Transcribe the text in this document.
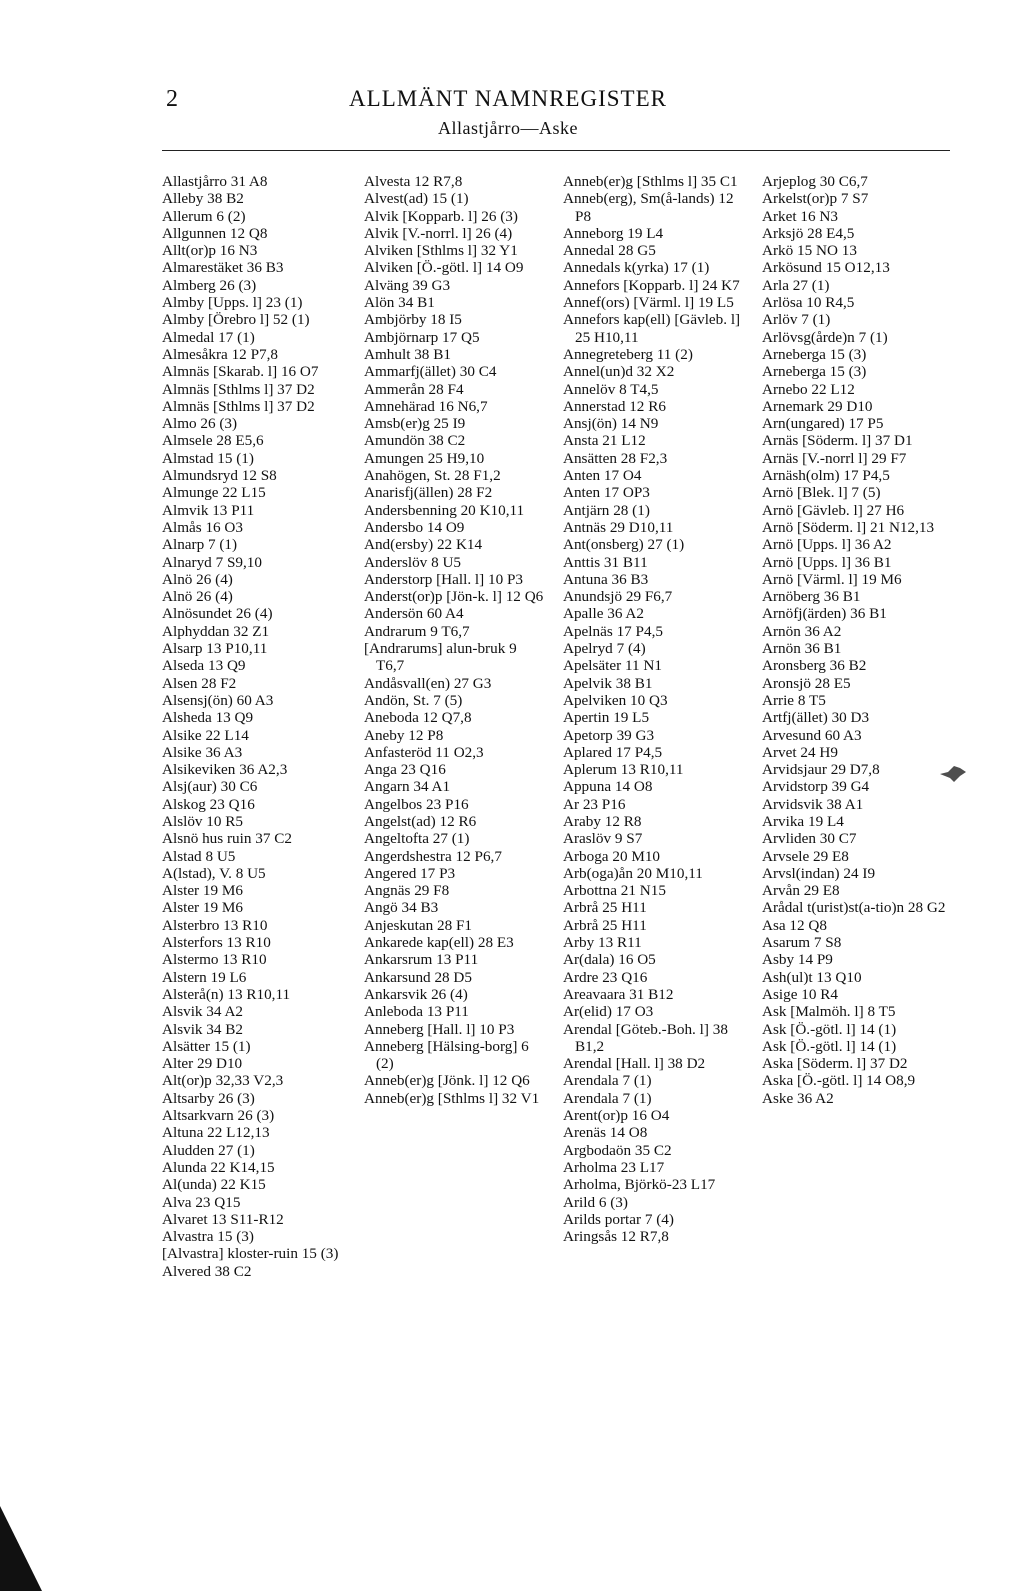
2	ALLMÄNT NAMNREGISTER
Allastjårro—Aske
Allastjårro 31 A8
Alleby 38 B2
Allerum 6 (2)
Allgunnen 12 Q8
Allt(or)p 16 N3
Almarestäket 36 B3
Almberg 26 (3)
Almby [Upps. l] 23 (1)
Almby [Örebro l] 52 (1)
Almedal 17 (1)
Almesåkra 12 P7,8
Almnäs [Skarab. l] 16 O7
Almnäs [Sthlms l] 37 D2
Almnäs [Sthlms l] 37 D2
Almo 26 (3)
Almsele 28 E5,6
Almstad 15 (1)
Almundsryd 12 S8
Almunge 22 L15
Almvik 13 P11
Almås 16 O3
Alnarp 7 (1)
Alnaryd 7 S9,10
Alnö 26 (4)
Alnö 26 (4)
Alnösundet 26 (4)
Alphyddan 32 Z1
Alsarp 13 P10,11
Alseda 13 Q9
Alsen 28 F2
Alsensj(ön) 60 A3
Alsheda 13 Q9
Alsike 22 L14
Alsike 36 A3
Alsikeviken 36 A2,3
Alsj(aur) 30 C6
Alskog 23 Q16
Alslöv 10 R5
Alsnö hus ruin 37 C2
Alstad 8 U5
A(lstad), V. 8 U5
Alster 19 M6
Alster 19 M6
Alsterbro 13 R10
Alsterfors 13 R10
Alstermo 13 R10
Alstern 19 L6
Alsterå(n) 13 R10,11
Alsvik 34 A2
Alsvik 34 B2
Alsätter 15 (1)
Alter 29 D10
Alt(or)p 32,33 V2,3
Altsarby 26 (3)
Altsarkvarn 26 (3)
Altuna 22 L12,13
Aludden 27 (1)
Alunda 22 K14,15
Al(unda) 22 K15
Alva 23 Q15
Alvaret 13 S11-R12
Alvastra 15 (3)
[Alvastra] kloster-ruin 15 (3)
Alvered 38 C2
Alvesta 12 R7,8
Alvest(ad) 15 (1)
Alvik [Kopparb. l] 26 (3)
Alvik [V.-norrl. l] 26 (4)
Alviken [Sthlms l] 32 Y1
Alviken [Ö.-götl. l] 14 O9
Alväng 39 G3
Alön 34 B1
Ambjörby 18 I5
Ambjörnarp 17 Q5
Amhult 38 B1
Ammarfj(ället) 30 C4
Ammerån 28 F4
Amnehärad 16 N6,7
Amsb(er)g 25 I9
Amundön 38 C2
Amungen 25 H9,10
Anahögen, St. 28 F1,2
Anarisfj(ällen) 28 F2
Andersbenning 20 K10,11
Andersbo 14 O9
And(ersby) 22 K14
Anderslöv 8 U5
Anderstorp [Hall. l] 10 P3
Anderst(or)p [Jön-k. l] 12 Q6
Andersön 60 A4
Andrarum 9 T6,7
[Andrarums] alun-bruk 9 T6,7
Andåsvall(en) 27 G3
Andön, St. 7 (5)
Aneboda 12 Q7,8
Aneby 12 P8
Anfasteröd 11 O2,3
Anga 23 Q16
Angarn 34 A1
Angelbos 23 P16
Angelst(ad) 12 R6
Angeltofta 27 (1)
Angerdshestra 12 P6,7
Angered 17 P3
Angnäs 29 F8
Angö 34 B3
Anjeskutan 28 F1
Ankarede kap(ell) 28 E3
Ankarsrum 13 P11
Ankarsund 28 D5
Ankarsvik 26 (4)
Anleboda 13 P11
Anneberg [Hall. l] 10 P3
Anneberg [Hälsing-borg] 6 (2)
Anneb(er)g [Jönk. l] 12 Q6
Anneb(er)g [Sthlms l] 32 V1
Anneb(er)g [Sthlms l] 35 C1
Anneb(erg), Sm(å-lands) 12 P8
Anneborg 19 L4
Annedal 28 G5
Annedals k(yrka) 17 (1)
Annefors [Kopparb. l] 24 K7
Annef(ors) [Värml. l] 19 L5
Annefors kap(ell) [Gävleb. l] 25 H10,11
Annegreteberg 11 (2)
Annel(un)d 32 X2
Annelöv 8 T4,5
Annerstad 12 R6
Ansj(ön) 14 N9
Ansta 21 L12
Ansätten 28 F2,3
Anten 17 O4
Anten 17 OP3
Antjärn 28 (1)
Antnäs 29 D10,11
Ant(onsberg) 27 (1)
Anttis 31 B11
Antuna 36 B3
Anundsjö 29 F6,7
Apalle 36 A2
Apelnäs 17 P4,5
Apelryd 7 (4)
Apelsäter 11 N1
Apelvik 38 B1
Apelviken 10 Q3
Apertin 19 L5
Apetorp 39 G3
Aplared 17 P4,5
Aplerum 13 R10,11
Appuna 14 O8
Ar 23 P16
Araby 12 R8
Araslöv 9 S7
Arboga 20 M10
Arb(oga)ån 20 M10,11
Arbottna 21 N15
Arbrå 25 H11
Arbrå 25 H11
Arby 13 R11
Ar(dala) 16 O5
Ardre 23 Q16
Areavaara 31 B12
Ar(elid) 17 O3
Arendal [Göteb.-Boh. l] 38 B1,2
Arendal [Hall. l] 38 D2
Arendala 7 (1)
Arendala 7 (1)
Arent(or)p 16 O4
Arenäs 14 O8
Argbodaön 35 C2
Arholma 23 L17
Arholma, Björkö-23 L17
Arild 6 (3)
Arilds portar 7 (4)
Aringsås 12 R7,8
Arjeplog 30 C6,7
Arkelst(or)p 7 S7
Arket 16 N3
Arksjö 28 E4,5
Arkö 15 NO 13
Arkösund 15 O12,13
Arla 27 (1)
Arlösa 10 R4,5
Arlöv 7 (1)
Arlövsg(årde)n 7 (1)
Arneberga 15 (3)
Arneberga 15 (3)
Arnebo 22 L12
Arnemark 29 D10
Arn(ungared) 17 P5
Arnäs [Söderm. l] 37 D1
Arnäs [V.-norrl l] 29 F7
Arnäsh(olm) 17 P4,5
Arnö [Blek. l] 7 (5)
Arnö [Gävleb. l] 27 H6
Arnö [Söderm. l] 21 N12,13
Arnö [Upps. l] 36 A2
Arnö [Upps. l] 36 B1
Arnö [Värml. l] 19 M6
Arnöberg 36 B1
Arnöfj(ärden) 36 B1
Arnön 36 A2
Arnön 36 B1
Aronsberg 36 B2
Aronsjö 28 E5
Arrie 8 T5
Artfj(ället) 30 D3
Arvesund 60 A3
Arvet 24 H9
Arvidsjaur 29 D7,8
Arvidstorp 39 G4
Arvidsvik 38 A1
Arvika 19 L4
Arvliden 30 C7
Arvsele 29 E8
Arvsl(indan) 24 I9
Arvån 29 E8
Arådal t(urist)st(a-tio)n 28 G2
Asa 12 Q8
Asarum 7 S8
Asby 14 P9
Ash(ul)t 13 Q10
Asige 10 R4
Ask [Malmöh. l] 8 T5
Ask [Ö.-götl. l] 14 (1)
Ask [Ö.-götl. l] 14 (1)
Aska [Söderm. l] 37 D2
Aska [Ö.-götl. l] 14 O8,9
Aske 36 A2
